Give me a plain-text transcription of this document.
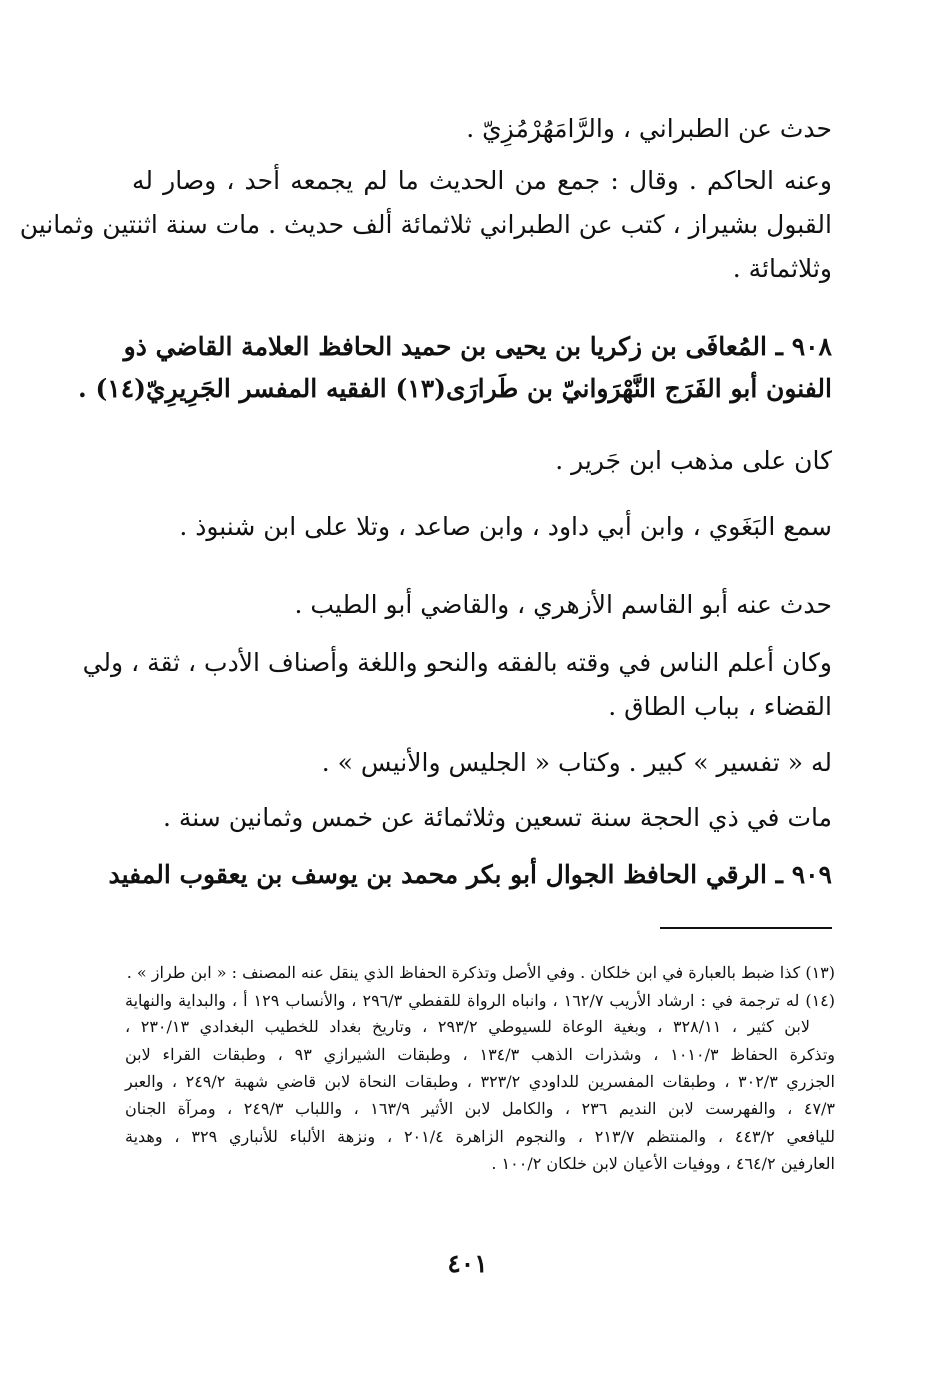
حدث عن الطبراني ، والرَّامَهُرْمُزِيّ .
وعنه الحاكم . وقال : جمع من الحديث ما لم يجمعه أحد ، وصار له
القبول بشيراز ، كتب عن الطبراني ثلاثمائة ألف حديث . مات سنة اثنتين وثمانين
وثلاثمائة .
٩٠٨ ـ المُعافَى بن زكريا بن يحيى بن حميد الحافظ العلامة القاضي ذو
الفنون أبو الفَرَج النَّهْرَوانيّ بن طَرارَى(١٣) الفقيه المفسر الجَرِيرِيّ(١٤) .
كان على مذهب ابن جَرير .
سمع البَغَوي ، وابن أبي داود ، وابن صاعد ، وتلا على ابن شنبوذ .
حدث عنه أبو القاسم الأزهري ، والقاضي أبو الطيب .
وكان أعلم الناس في وقته بالفقه والنحو واللغة وأصناف الأدب ، ثقة ، ولي
القضاء ، بباب الطاق .
له « تفسير » كبير . وكتاب « الجليس والأنيس » .
مات في ذي الحجة سنة تسعين وثلاثمائة عن خمس وثمانين سنة .
٩٠٩ ـ الرقي الحافظ الجوال أبو بكر محمد بن يوسف بن يعقوب المفيد
(١٣) كذا ضبط بالعبارة في ابن خلكان . وفي الأصل وتذكرة الحفاظ الذي ينقل عنه المصنف : « ابن طراز » .
(١٤) له ترجمة في : ارشاد الأريب ١٦٢/٧ ، وانباه الرواة للقفطي ٢٩٦/٣ ، والأنساب ١٢٩ أ ، والبداية والنهاية
لابن كثير ، ٣٢٨/١١ ، وبغية الوعاة للسيوطي ٢٩٣/٢ ، وتاريخ بغداد للخطيب البغدادي ٢٣٠/١٣ ،
وتذكرة الحفاظ ١٠١٠/٣ ، وشذرات الذهب ١٣٤/٣ ، وطبقات الشيرازي ٩٣ ، وطبقات القراء لابن
الجزري ٣٠٢/٣ ، وطبقات المفسرين للداودي ٣٢٣/٢ ، وطبقات النحاة لابن قاضي شهبة ٢٤٩/٢ ، والعبر
٤٧/٣ ، والفهرست لابن النديم ٢٣٦ ، والكامل لابن الأثير ١٦٣/٩ ، واللباب ٢٤٩/٣ ، ومرآة الجنان
لليافعي ٤٤٣/٢ ، والمنتظم ٢١٣/٧ ، والنجوم الزاهرة ٢٠١/٤ ، ونزهة الألباء للأنباري ٣٢٩ ، وهدية
العارفين ٤٦٤/٢ ، ووفيات الأعيان لابن خلكان ١٠٠/٢ .
٤٠١
